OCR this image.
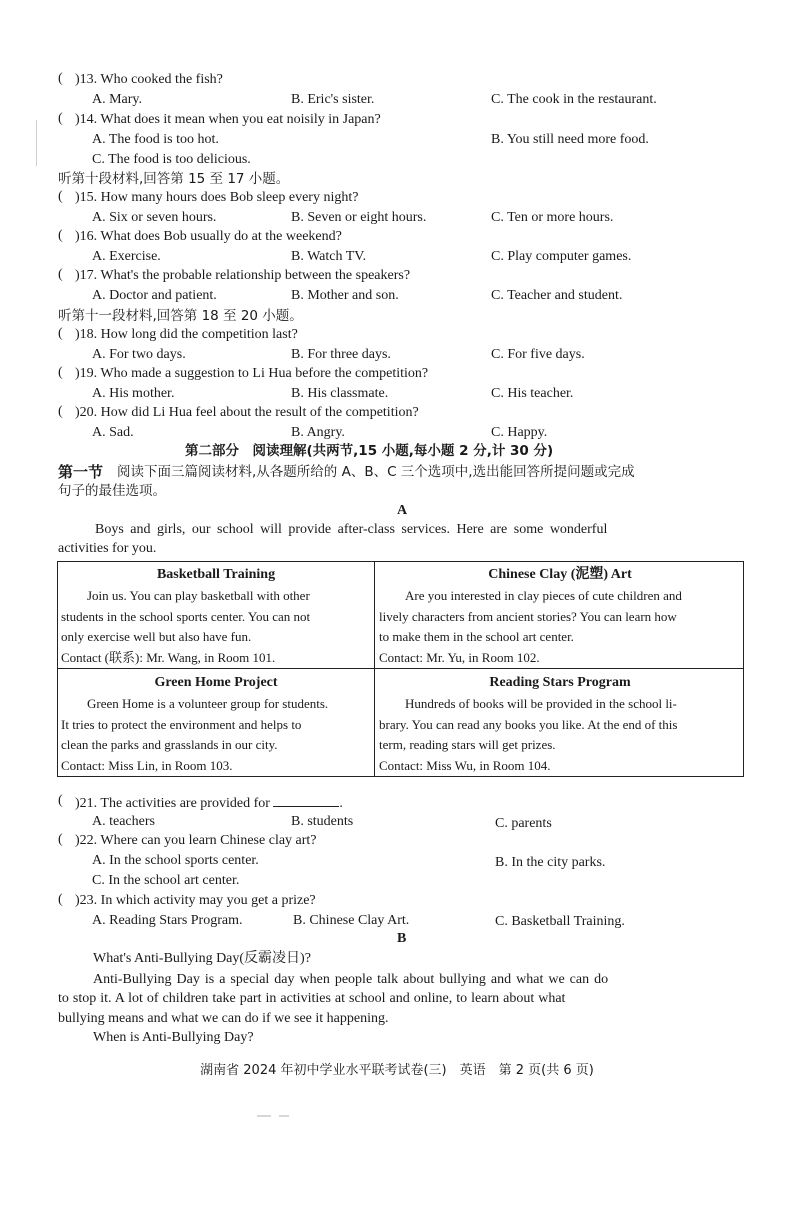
( )13. Who cooked the fish?
A. Mary.	B. Eric's sister.	C. The cook in the restaurant.
( )14. What does it mean when you eat noisily in Japan?
A. The food is too hot.	B. You still need more food.
C. The food is too delicious.
听第十段材料,回答第 15 至 17 小题。
( )15. How many hours does Bob sleep every night?
A. Six or seven hours.	B. Seven or eight hours.	C. Ten or more hours.
( )16. What does Bob usually do at the weekend?
A. Exercise.	B. Watch TV.	C. Play computer games.
( )17. What's the probable relationship between the speakers?
A. Doctor and patient.	B. Mother and son.	C. Teacher and student.
听第十一段材料,回答第 18 至 20 小题。
( )18. How long did the competition last?
A. For two days.	B. For three days.	C. For five days.
( )19. Who made a suggestion to Li Hua before the competition?
A. His mother.	B. His classmate.	C. His teacher.
( )20. How did Li Hua feel about the result of the competition?
A. Sad.	B. Angry.	C. Happy.
第二部分　阅读理解(共两节,15 小题,每小题 2 分,计 30 分)
第一节 阅读下面三篇阅读材料,从各题所给的 A、B、C 三个选项中,选出能回答所提问题或完成
句子的最佳选项。
A
Boys and girls, our school will provide after-class services. Here are some wonderful
activities for you.
Basketball Training
Join us. You can play basketball with other
students in the school sports center. You can not
only exercise well but also have fun.
Contact (联系): Mr. Wang, in Room 101.
Chinese Clay (泥塑) Art
Are you interested in clay pieces of cute children and
lively characters from ancient stories? You can learn how
to make them in the school art center.
Contact: Mr. Yu, in Room 102.
Green Home Project
Green Home is a volunteer group for students.
It tries to protect the environment and helps to
clean the parks and grasslands in our city.
Contact: Miss Lin, in Room 103.
Reading Stars Program
Hundreds of books will be provided in the school li-
brary. You can read any books you like. At the end of this
term, reading stars will get prizes.
Contact: Miss Wu, in Room 104.
( )21. The activities are provided for	.
A. teachers	B. students	C. parents
( )22. Where can you learn Chinese clay art?
A. In the school sports center.	B. In the city parks.
C. In the school art center.
( )23. In which activity may you get a prize?
A. Reading Stars Program.	B. Chinese Clay Art.	C. Basketball Training.
B
What's Anti-Bullying Day(反霸凌日)?
Anti-Bullying Day is a special day when people talk about bullying and what we can do
to stop it. A lot of children take part in activities at school and online, to learn about what
bullying means and what we can do if we see it happening.
When is Anti-Bullying Day?
湖南省 2024 年初中学业水平联考试卷(三)　英语　第 2 页(共 6 页)
